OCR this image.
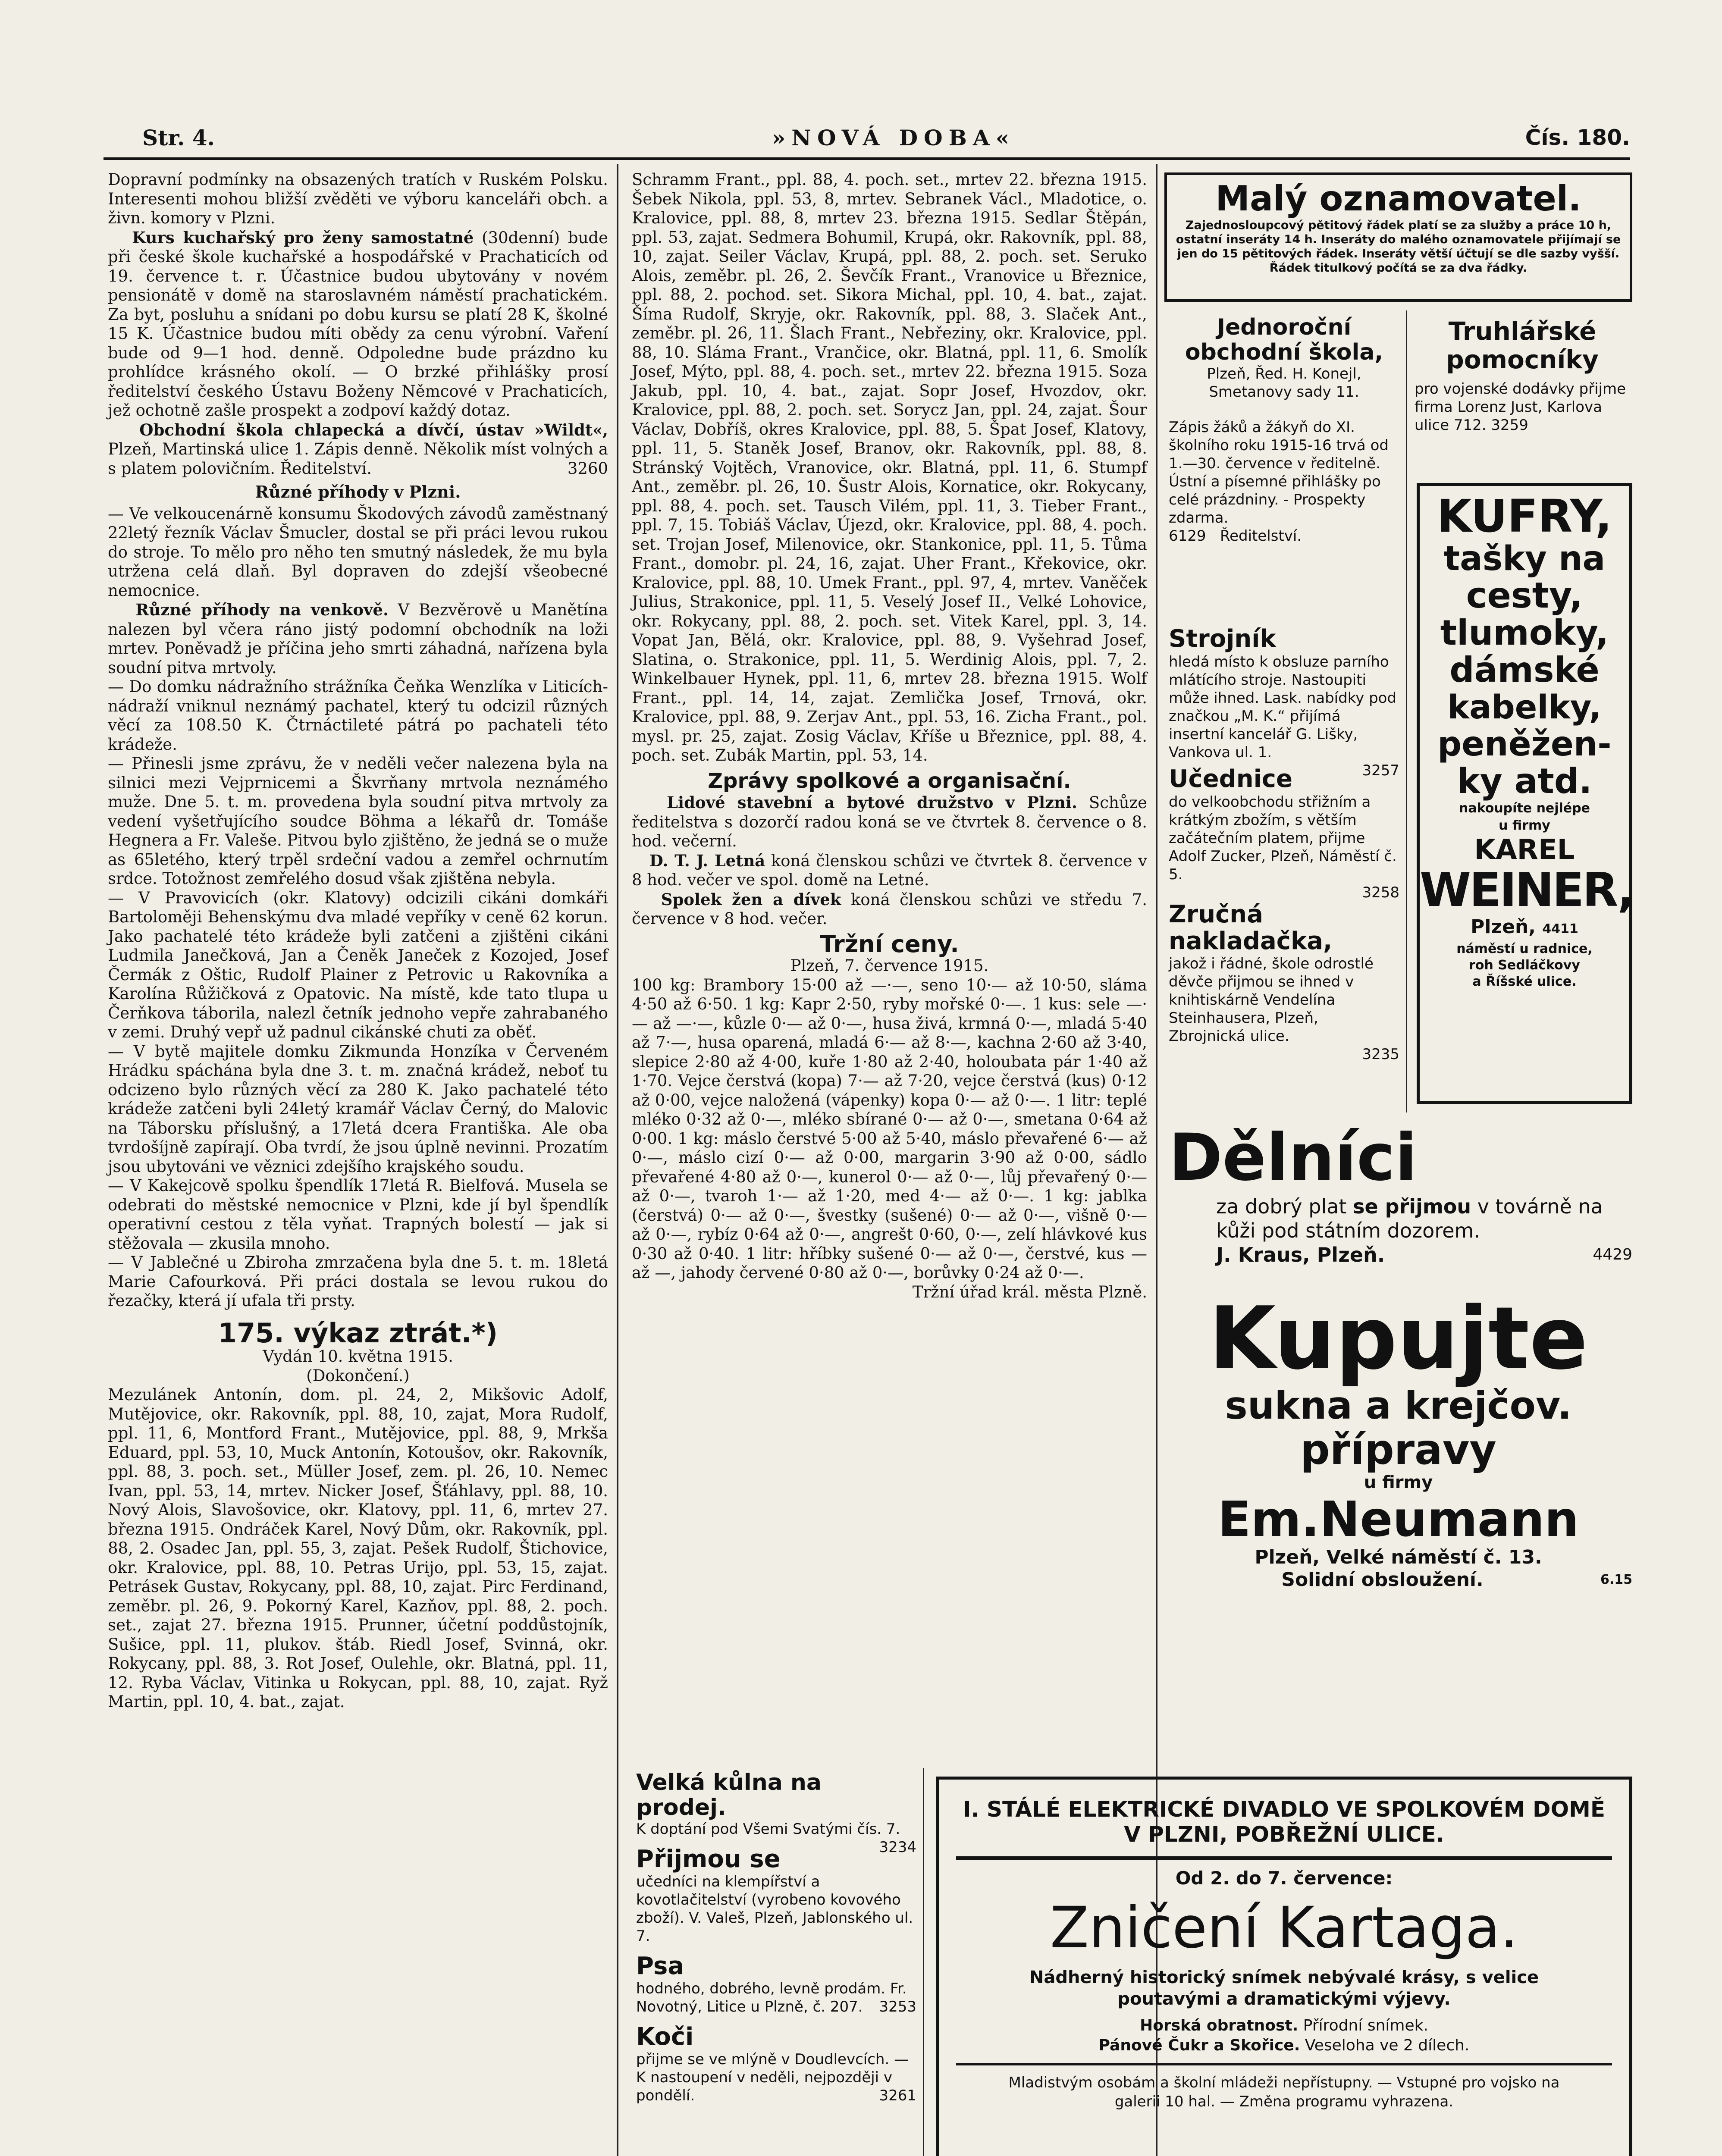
Str. 4.	»NOVÁ DOBA«	Čís. 180.

Dopravní podmínky na obsazených tratích v Ruském Polsku. Interesenti mohou bližší zvěděti ve výboru kanceláři obch. a živn. komory v Plzni.

Kurs kuchařský pro ženy samostatné (30denní) bude při české škole kuchařské a hospodářské v Prachaticích od 19. července t. r. Účastnice budou ubytovány v novém pensionátě v domě na staroslavném náměstí prachatickém. Za byt, posluhu a snídani po dobu kursu se platí 28 K, školné 15 K. Účastnice budou míti obědy za cenu výrobní. Vaření bude od 9—1 hod. denně. Odpoledne bude prázdno ku prohlídce krásného okolí. — O brzké přihlášky prosí ředitelství českého Ústavu Boženy Němcové v Prachaticích, jež ochotně zašle prospekt a zodpoví každý dotaz.

Obchodní škola chlapecká a dívčí, ústav »Wildt«, Plzeň, Martinská ulice 1. Zápis denně. Několik míst volných a s platem polovičním. Ředitelství.	3260

Různé příhody v Plzni.

— Ve velkoucenárně konsumu Škodových závodů zaměstnaný 22letý řezník Václav Šmucler, dostal se při práci levou rukou do stroje. To mělo pro něho ten smutný následek, že mu byla utržena celá dlaň. Byl dopraven do zdejší všeobecné nemocnice.

Různé příhody na venkově. V Bezvěrově u Manětína nalezen byl včera ráno jistý podomní obchodník na loži mrtev. Poněvadž je příčina jeho smrti záhadná, nařízena byla soudní pitva mrtvoly.

— Do domku nádražního strážníka Čeňka Wenzlíka v Liticích-nádraží vniknul neznámý pachatel, který tu odcizil různých věcí za 108.50 K. Čtrnáctileté pátrá po pachateli této krádeže.

— Přinesli jsme zprávu, že v neděli večer nalezena byla na silnici mezi Vejprnicemi a Škvrňany mrtvola neznámého muže. Dne 5. t. m. provedena byla soudní pitva mrtvoly za vedení vyšetřujícího soudce Böhma a lékařů dr. Tomáše Hegnera a Fr. Valeše. Pitvou bylo zjištěno, že jedná se o muže as 65letého, který trpěl srdeční vadou a zemřel ochrnutím srdce. Totožnost zemřelého dosud však zjištěna nebyla.

— V Pravovicích (okr. Klatovy) odcizili cikáni domkáři Bartoloměji Behenskýmu dva mladé vepříky v ceně 62 korun. Jako pachatelé této krádeže byli zatčeni a zjištěni cikáni Ludmila Janečková, Jan a Čeněk Janeček z Kozojed, Josef Čermák z Oštic, Rudolf Plainer z Petrovic u Rakovníka a Karolína Růžičková z Opatovic. Na místě, kde tato tlupa u Čerňkova táborila, nalezl četník jednoho vepře zahrabaného v zemi. Druhý vepř už padnul cikánské chuti za oběť.

— V bytě majitele domku Zikmunda Honzíka v Červeném Hrádku spáchána byla dne 3. t. m. značná krádež, neboť tu odcizeno bylo různých věcí za 280 K. Jako pachatelé této krádeže zatčeni byli 24letý kramář Václav Černý, do Malovic na Táborsku příslušný, a 17letá dcera Františka. Ale oba tvrdošíjně zapírají. Oba tvrdí, že jsou úplně nevinni. Prozatím jsou ubytováni ve věznici zdejšího krajského soudu.

— V Kakejcově spolku špendlík 17letá R. Bielfová. Musela se odebrati do městské nemocnice v Plzni, kde jí byl špendlík operativní cestou z těla vyňat. Trapných bolestí — jak si stěžovala — zkusila mnoho.

— V Jablečné u Zbiroha zmrzačena byla dne 5. t. m. 18letá Marie Cafourková. Při práci dostala se levou rukou do řezačky, která jí ufala tři prsty.

175. výkaz ztrát.*)

Vydán 10. května 1915.

(Dokončení.)

Mezulánek Antonín, dom. pl. 24, 2, Mikšovic Adolf, Mutějovice, okr. Rakovník, ppl. 88, 10, zajat, Mora Rudolf, ppl. 11, 6, Montford Frant., Mutějovice, ppl. 88, 9, Mrkša Eduard, ppl. 53, 10, Muck Antonín, Kotoušov, okr. Rakovník, ppl. 88, 3. poch. set., Müller Josef, zem. pl. 26, 10. Nemec Ivan, ppl. 53, 14, mrtev. Nicker Josef, Šťáhlavy, ppl. 88, 10. Nový Alois, Slavošovice, okr. Klatovy, ppl. 11, 6, mrtev 27. března 1915. Ondráček Karel, Nový Dům, okr. Rakovník, ppl. 88, 2. Osadec Jan, ppl. 55, 3, zajat. Pešek Rudolf, Štichovice, okr. Kralovice, ppl. 88, 10. Petras Urijo, ppl. 53, 15, zajat. Petrásek Gustav, Rokycany, ppl. 88, 10, zajat. Pirc Ferdinand, zeměbr. pl. 26, 9. Pokorný Karel, Kazňov, ppl. 88, 2. poch. set., zajat 27. března 1915. Prunner, účetní poddůstojník, Sušice, ppl. 11, plukov. štáb. Riedl Josef, Svinná, okr. Rokycany, ppl. 88, 3. Rot Josef, Oulehle, okr. Blatná, ppl. 11, 12. Ryba Václav, Vitinka u Rokycan, ppl. 88, 10, zajat. Ryž Martin, ppl. 10, 4. bat., zajat.

Schramm Frant., ppl. 88, 4. poch. set., mrtev 22. března 1915. Šebek Nikola, ppl. 53, 8, mrtev. Sebranek Václ., Mladotice, o. Kralovice, ppl. 88, 8, mrtev 23. března 1915. Sedlar Štěpán, ppl. 53, zajat. Sedmera Bohumil, Krupá, okr. Rakovník, ppl. 88, 10, zajat. Seiler Václav, Krupá, ppl. 88, 2. poch. set. Seruko Alois, zeměbr. pl. 26, 2. Ševčík Frant., Vranovice u Březnice, ppl. 88, 2. pochod. set. Sikora Michal, ppl. 10, 4. bat., zajat. Šíma Rudolf, Skryje, okr. Rakovník, ppl. 88, 3. Slaček Ant., zeměbr. pl. 26, 11. Šlach Frant., Nebřeziny, okr. Kralovice, ppl. 88, 10. Sláma Frant., Vrančice, okr. Blatná, ppl. 11, 6. Smolík Josef, Mýto, ppl. 88, 4. poch. set., mrtev 22. března 1915. Soza Jakub, ppl. 10, 4. bat., zajat. Sopr Josef, Hvozdov, okr. Kralovice, ppl. 88, 2. poch. set. Sorycz Jan, ppl. 24, zajat. Šour Václav, Dobříš, okres Kralovice, ppl. 88, 5. Špat Josef, Klatovy, ppl. 11, 5. Staněk Josef, Branov, okr. Rakovník, ppl. 88, 8. Stránský Vojtěch, Vranovice, okr. Blatná, ppl. 11, 6. Stumpf Ant., zeměbr. pl. 26, 10. Šustr Alois, Kornatice, okr. Rokycany, ppl. 88, 4. poch. set. Tausch Vilém, ppl. 11, 3. Tieber Frant., ppl. 7, 15. Tobiáš Václav, Újezd, okr. Kralovice, ppl. 88, 4. poch. set. Trojan Josef, Milenovice, okr. Stankonice, ppl. 11, 5. Tůma Frant., domobr. pl. 24, 16, zajat. Uher Frant., Křekovice, okr. Kralovice, ppl. 88, 10. Umek Frant., ppl. 97, 4, mrtev. Vaněček Julius, Strakonice, ppl. 11, 5. Veselý Josef II., Velké Lohovice, okr. Rokycany, ppl. 88, 2. poch. set. Vitek Karel, ppl. 3, 14. Vopat Jan, Bělá, okr. Kralovice, ppl. 88, 9. Vyšehrad Josef, Slatina, o. Strakonice, ppl. 11, 5. Werdinig Alois, ppl. 7, 2. Winkelbauer Hynek, ppl. 11, 6, mrtev 28. března 1915. Wolf Frant., ppl. 14, 14, zajat. Zemlička Josef, Trnová, okr. Kralovice, ppl. 88, 9. Zerjav Ant., ppl. 53, 16. Zicha Frant., pol. mysl. pr. 25, zajat. Zosig Václav, Kříše u Březnice, ppl. 88, 4. poch. set. Zubák Martin, ppl. 53, 14.

Zprávy spolkové a organisační.

Lidové stavební a bytové družstvo v Plzni. Schůze ředitelstva s dozorčí radou koná se ve čtvrtek 8. července o 8. hod. večerní.

D. T. J. Letná koná členskou schůzi ve čtvrtek 8. července v 8 hod. večer ve spol. domě na Letné.

Spolek žen a dívek koná členskou schůzi ve středu 7. července v 8 hod. večer.

Tržní ceny.

Plzeň, 7. července 1915.

100 kg: Brambory 15·00 až —·—, seno 10·— až 10·50, sláma 4·50 až 6·50. 1 kg: Kapr 2·50, ryby mořské 0·—. 1 kus: sele —·— až —·—, kůzle 0·— až 0·—, husa živá, krmná 0·—, mladá 5·40 až 7·—, husa oparená, mladá 6·— až 8·—, kachna 2·60 až 3·40, slepice 2·80 až 4·00, kuře 1·80 až 2·40, holoubata pár 1·40 až 1·70. Vejce čerstvá (kopa) 7·— až 7·20, vejce čerstvá (kus) 0·12 až 0·00, vejce naložená (vápenky) kopa 0·— až 0·—. 1 litr: teplé mléko 0·32 až 0·—, mléko sbírané 0·— až 0·—, smetana 0·64 až 0·00. 1 kg: máslo čerstvé 5·00 až 5·40, máslo převařené 6·— až 0·—, máslo cizí 0·— až 0·00, margarin 3·90 až 0·00, sádlo převařené 4·80 až 0·—, kunerol 0·— až 0·—, lůj převařený 0·— až 0·—, tvaroh 1·— až 1·20, med 4·— až 0·—. 1 kg: jablka (čerstvá) 0·— až 0·—, švestky (sušené) 0·— až 0·—, višně 0·— až 0·—, rybíz 0·64 až 0·—, angrešt 0·60, 0·—, zelí hlávkové kus 0·30 až 0·40. 1 litr: hříbky sušené 0·— až 0·—, čerstvé, kus — až —, jahody červené 0·80 až 0·—, borůvky 0·24 až 0·—.

Tržní úřad král. města Plzně.

Velká kůlna na prodej.
K doptání pod Všemi Svatými čís. 7.
3234
Přijmou se
učedníci na klempířství a kovotlačitelství (vyrobeno kovového zboží). V. Valeš, Plzeň, Jablonského ul. 7.
Psa
hodného, dobrého, levně prodám. Fr. Novotný, Litice u Plzně, č. 207. 3253
Koči
přijme se ve mlýně v Doudlevcích. — K nastoupení v neděli, nejpozději v pondělí.	3261
Malý oznamovatel.
Zajednosloupcový pětitový řádek platí se za služby a práce 10 h, ostatní inseráty 14 h. Inseráty do malého oznamovatele přijímají se jen do 15 pětitových řádek. Inseráty větší účtují se dle sazby vyšší. Řádek titulkový počítá se za dva řádky.
Jednoroční obchodní škola,
Plzeň, Řed. H. Konejl, Smetanovy sady 11.
Zápis žáků a žákyň do XI. školního roku 1915-16 trvá od 1.—30. července v ředitelně. Ústní a písemné přihlášky po celé prázdniny. - Prospekty zdarma.
6129 Ředitelství.
Truhlářské pomocníky
pro vojenské dodávky přijme firma Lorenz Just, Karlova ulice 712. 3259
Strojník
hledá místo k obsluze parního mlátícího stroje. Nastoupiti může ihned. Lask. nabídky pod značkou „M. K.“ přijímá insertní kancelář G. Lišky, Vankova ul. 1.
3257
Učednice
do velkoobchodu střižním a krátkým zbožím, s větším začátečním platem, přijme Adolf Zucker, Plzeň, Náměstí č. 5.
3258
Zručná nakladačka,
jakož i řádné, škole odrostlé děvče přijmou se ihned v knihtiskárně Vendelína Steinhausera, Plzeň, Zbrojnická ulice.
3235
KUFRY,
tašky na
cesty,
tlumoky,
dámské
kabelky,
peněžen-
ky atd.
nakoupíte nejlépe
u firmy
KAREL
WEINER,
Plzeň, 4411
náměstí u radnice,
roh Sedláčkovy
a Říšské ulice.
Dělníci
za dobrý plat se přijmou v továrně na kůži pod státním dozorem.
J. Kraus, Plzeň.	4429
Kupujte
sukna a krejčov.
přípravy
u firmy
Em.Neumann
Plzeň, Velké náměstí č. 13.
Solidní obsloužení.	6.15
I. STÁLÉ ELEKTRICKÉ DIVADLO VE SPOLKOVÉM DOMĚ V PLZNI, POBŘEŽNÍ ULICE.
Od 2. do 7. července:
Zničení Kartaga.
Nádherný historický snímek nebývalé krásy, s velice poutavými a dramatickými výjevy.
Horská obratnost. Přírodní snímek.
Pánové Čukr a Skořice. Veseloha ve 2 dílech.
Mladistvým osobám a školní mládeži nepřístupny. — Vstupné pro vojsko na galerii 10 hal. — Změna programu vyhrazena.
